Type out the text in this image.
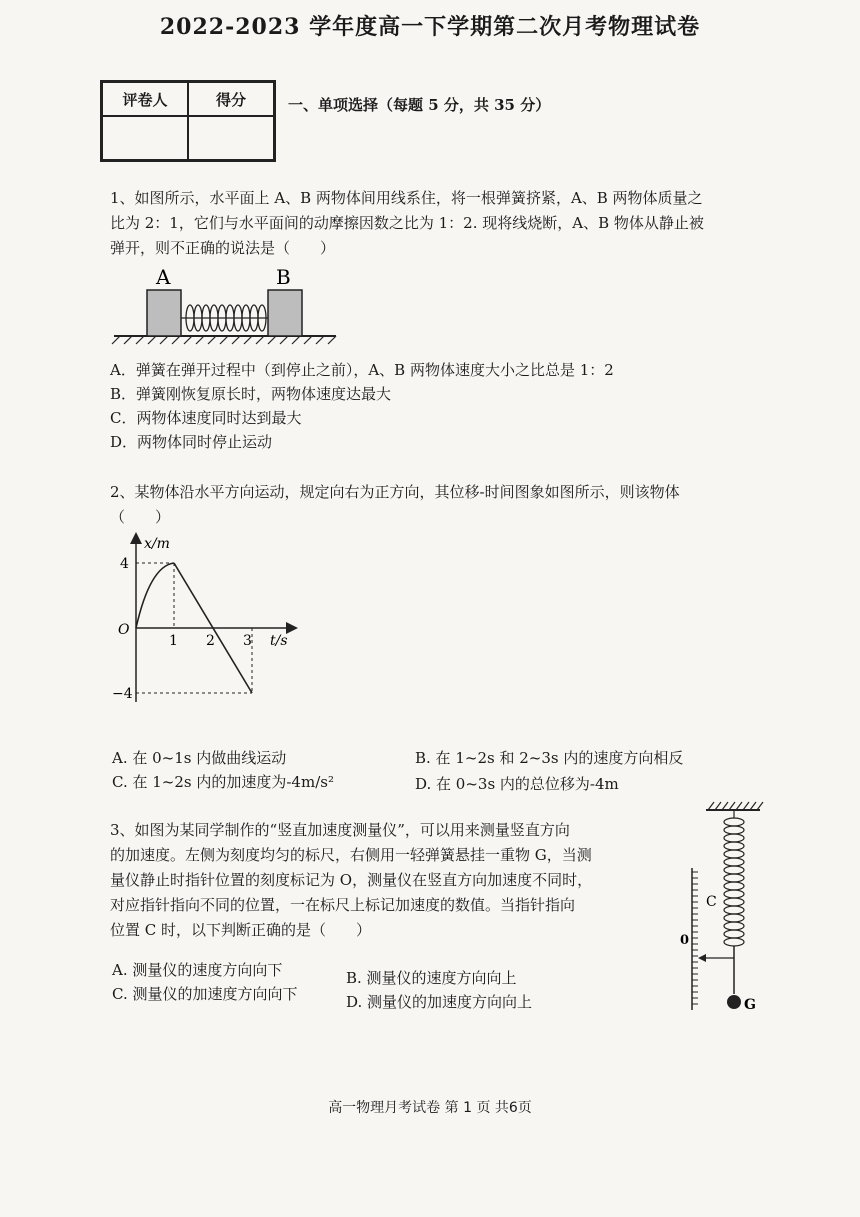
2022-2023 学年度高一下学期第二次月考物理试卷
评卷人	得分
		一、单项选择（每题 5 分，共 35 分）
1、如图所示，水平面上 A、B 两物体间用线系住，将一根弹簧挤紧，A、B 两物体质量之
比为 2：1，它们与水平面间的动摩擦因数之比为 1：2. 现将线烧断，A、B 物体从静止被
弹开，则不正确的说法是（　　）
A	B
A．弹簧在弹开过程中（到停止之前），A、B 两物体速度大小之比总是 1：2
B．弹簧刚恢复原长时，两物体速度达最大
C．两物体速度同时达到最大
D．两物体同时停止运动
2、某物体沿水平方向运动，规定向右为正方向，其位移-时间图象如图所示，则该物体
（　　）
x/m
t/s
O
4
−4
1 2 3
A. 在 0~1s 内做曲线运动	B. 在 1~2s 和 2~3s 内的速度方向相反
C. 在 1~2s 内的加速度为-4m/s²	D. 在 0~3s 内的总位移为-4m
3、如图为某同学制作的“竖直加速度测量仪”，可以用来测量竖直方向
的加速度。左侧为刻度均匀的标尺，右侧用一轻弹簧悬挂一重物 G，当测
量仪静止时指针位置的刻度标记为 O，测量仪在竖直方向加速度不同时，
对应指针指向不同的位置，一在标尺上标记加速度的数值。当指针指向
位置 C 时，以下判断正确的是（　　）
A. 测量仪的速度方向向下	B. 测量仪的速度方向向上
C. 测量仪的加速度方向向下	D. 测量仪的加速度方向向上
C
0
G
高一物理月考试卷 第 1 页 共6页
